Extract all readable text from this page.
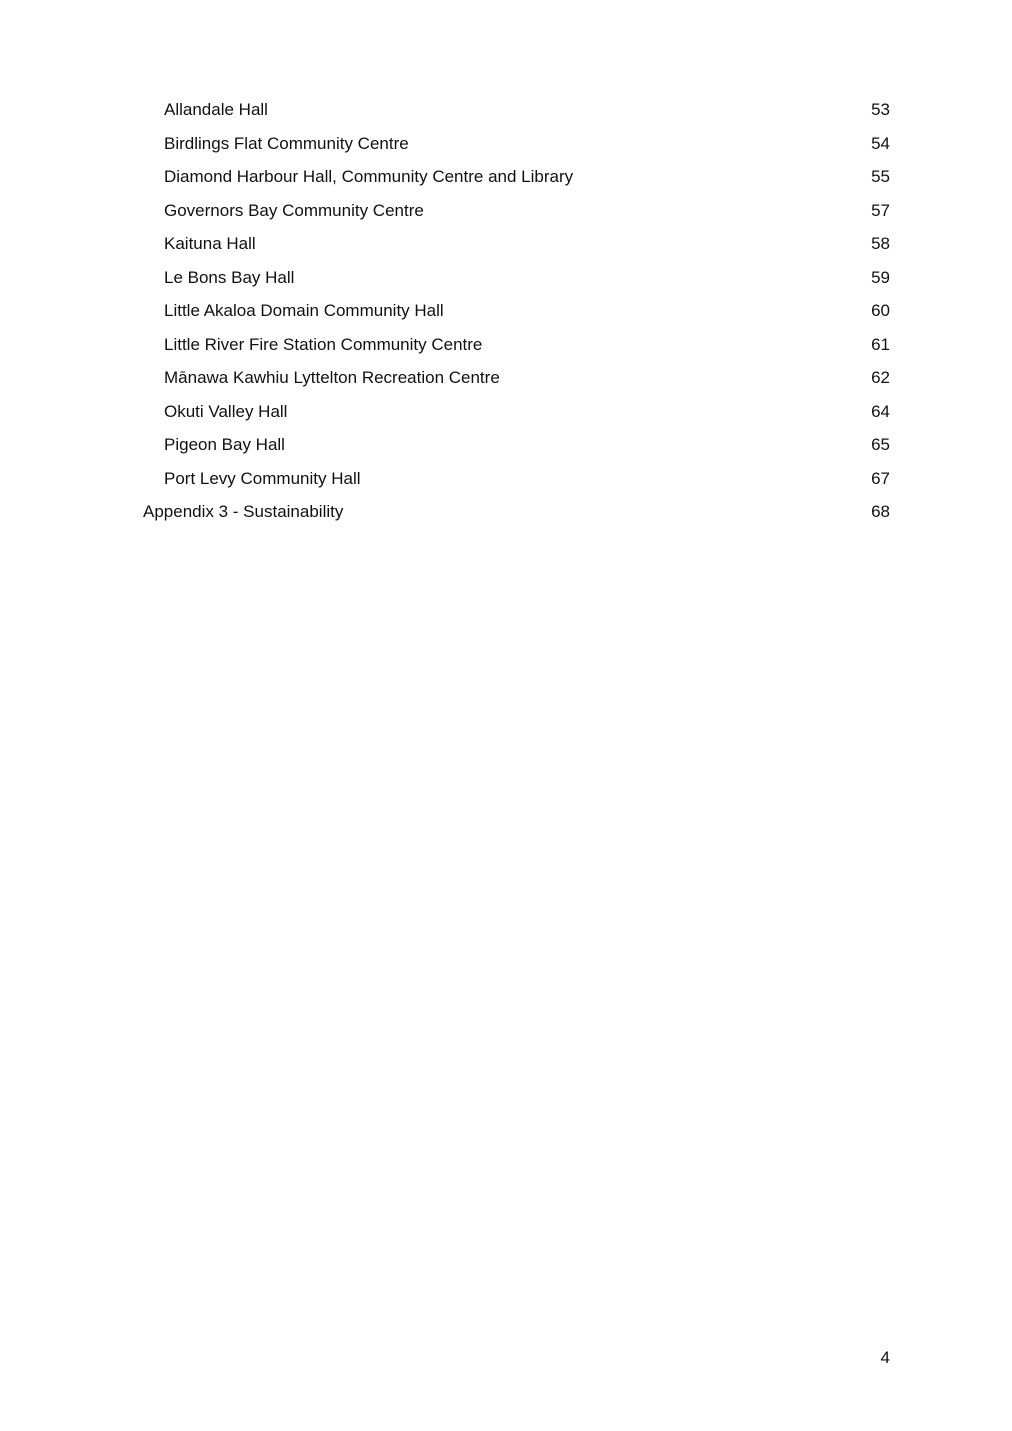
Allandale Hall	53
Birdlings Flat Community Centre	54
Diamond Harbour Hall, Community Centre and Library	55
Governors Bay Community Centre	57
Kaituna Hall	58
Le Bons Bay Hall	59
Little Akaloa Domain Community Hall	60
Little River Fire Station Community Centre	61
Mānawa Kawhiu Lyttelton Recreation Centre	62
Okuti Valley Hall	64
Pigeon Bay Hall	65
Port Levy Community Hall	67
Appendix 3 - Sustainability	68
4
